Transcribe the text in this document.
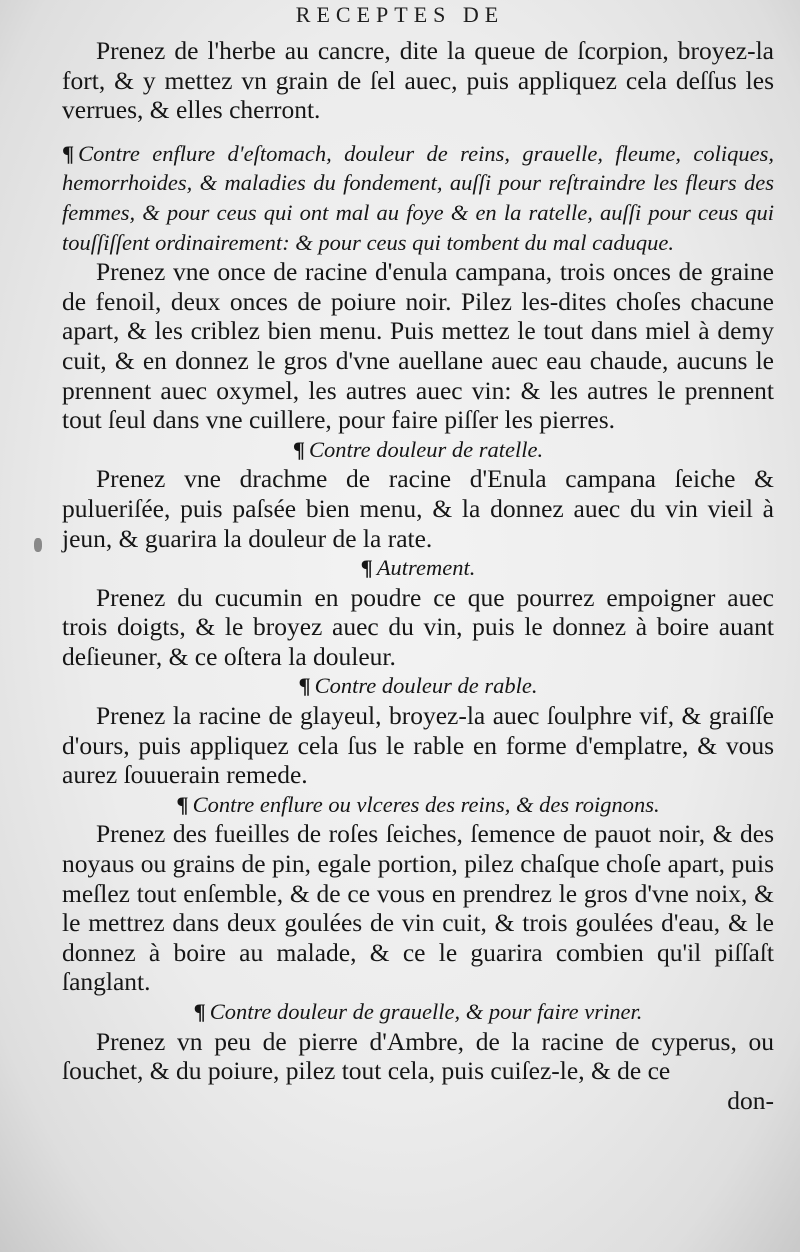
RECEPTES DE

Prenez de l'herbe au cancre, dite la queue de ſcorpion, broyez-la fort, & y mettez vn grain de ſel auec, puis appliquez cela deſſus les verrues, & elles cherront.

¶ Contre enflure d'eſtomach, douleur de reins, grauelle, fleume, coliques, hemorrhoides, & maladies du fondement, auſſi pour reſtraindre les fleurs des femmes, & pour ceus qui ont mal au foye & en la ratelle, auſſi pour ceus qui touſſiſſent ordinairement: & pour ceus qui tombent du mal caduque.

Prenez vne once de racine d'enula campana, trois onces de graine de fenoil, deux onces de poiure noir. Pilez les-dites choſes chacune apart, & les criblez bien menu. Puis mettez le tout dans miel à demy cuit, & en donnez le gros d'vne auellane auec eau chaude, aucuns le prennent auec oxymel, les autres auec vin: & les autres le prennent tout ſeul dans vne cuillere, pour faire piſſer les pierres.

¶ Contre douleur de ratelle.

Prenez vne drachme de racine d'Enula campana ſeiche & pulueriſée, puis paſsée bien menu, & la donnez auec du vin vieil à jeun, & guarira la douleur de la rate.

¶ Autrement.

Prenez du cucumin en poudre ce que pourrez empoigner auec trois doigts, & le broyez auec du vin, puis le donnez à boire auant deſieuner, & ce oſtera la douleur.

¶ Contre douleur de rable.

Prenez la racine de glayeul, broyez-la auec ſoulphre vif, & graiſſe d'ours, puis appliquez cela ſus le rable en forme d'emplatre, & vous aurez ſouuerain remede.

¶ Contre enflure ou vlceres des reins, & des roignons.

Prenez des fueilles de roſes ſeiches, ſemence de pauot noir, & des noyaus ou grains de pin, egale portion, pilez chaſque choſe apart, puis meſlez tout enſemble, & de ce vous en prendrez le gros d'vne noix, & le mettrez dans deux goulées de vin cuit, & trois goulées d'eau, & le donnez à boire au malade, & ce le guarira combien qu'il piſſaſt ſanglant.

¶ Contre douleur de grauelle, & pour faire vriner.

Prenez vn peu de pierre d'Ambre, de la racine de cyperus, ou ſouchet, & du poiure, pilez tout cela, puis cuiſez-le, & de ce

don-
